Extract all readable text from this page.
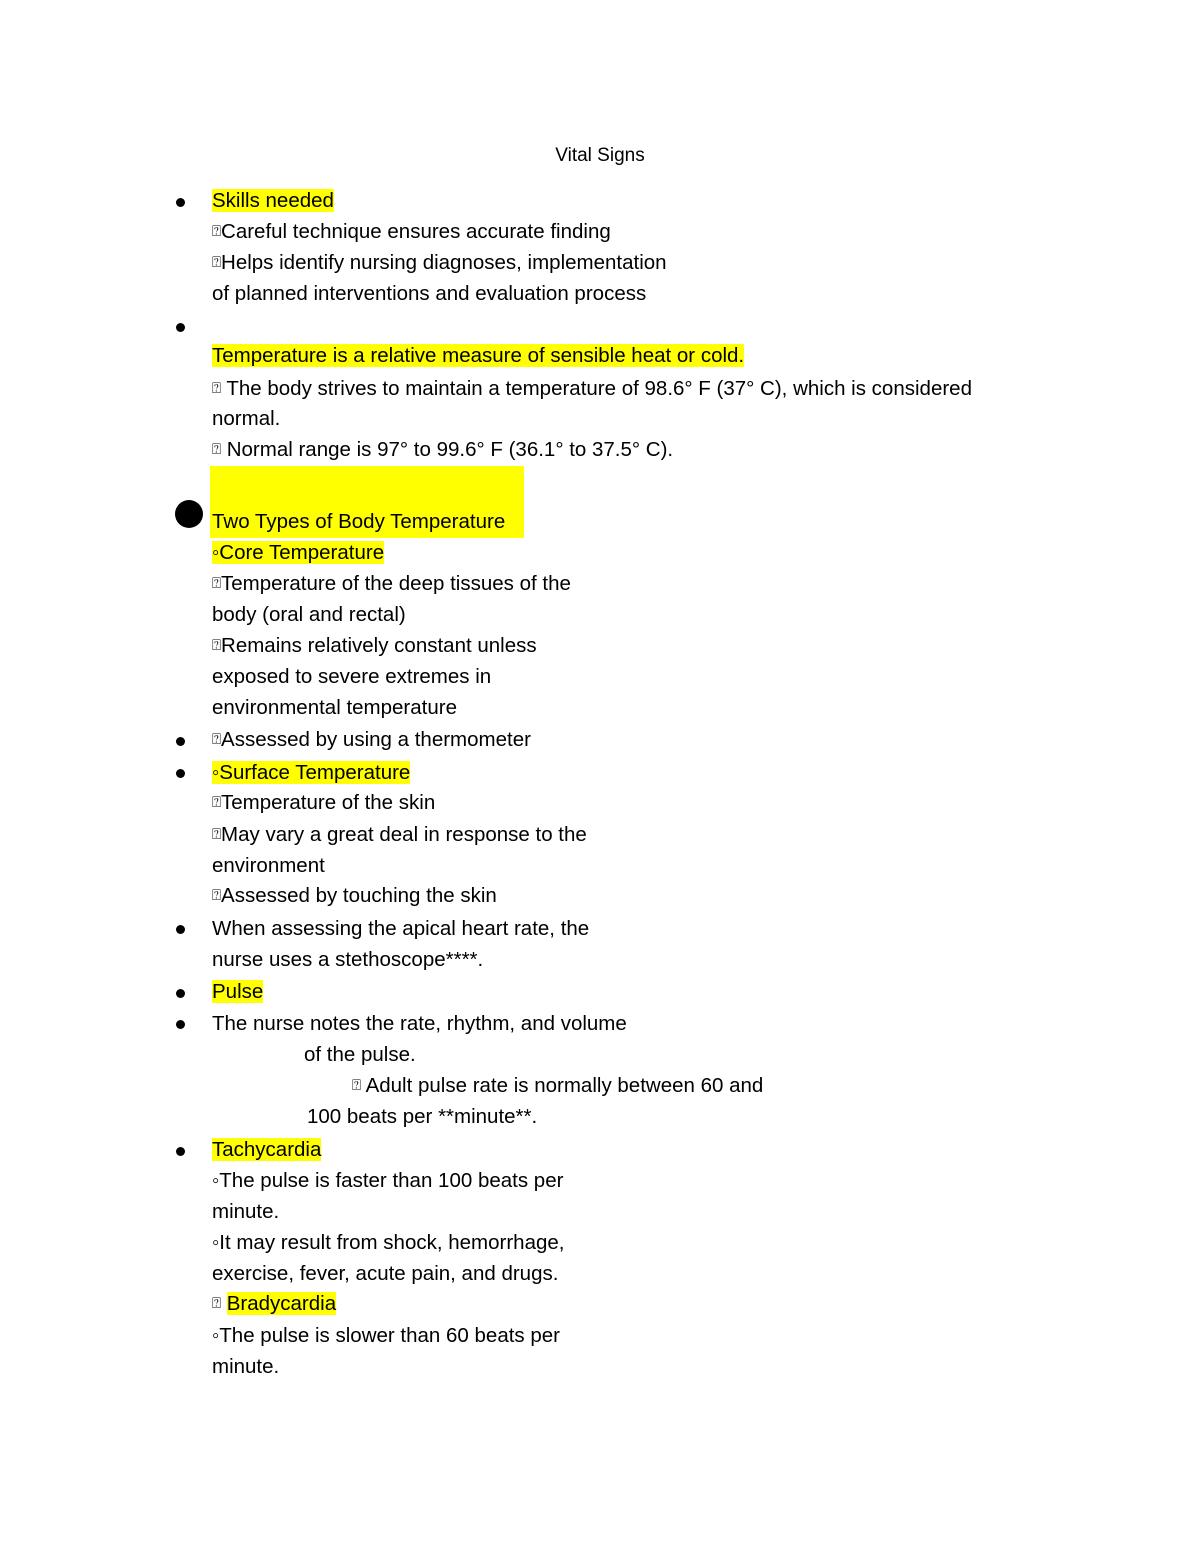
Vital Signs
Skills needed
⍰Careful technique ensures accurate finding
⍰Helps identify nursing diagnoses, implementation
of planned interventions and evaluation process
Temperature is a relative measure of sensible heat or cold.
⍰ The body strives to maintain a temperature of 98.6° F (37° C), which is considered
normal.
⍰ Normal range is 97° to 99.6° F (36.1° to 37.5° C).
Two Types of Body Temperature
◦Core Temperature
⍰Temperature of the deep tissues of the
body (oral and rectal)
⍰Remains relatively constant unless
exposed to severe extremes in
environmental temperature
⍰Assessed by using a thermometer
◦Surface Temperature
⍰Temperature of the skin
⍰May vary a great deal in response to the
environment
⍰Assessed by touching the skin
When assessing the apical heart rate, the
nurse uses a stethoscope****.
Pulse
The nurse notes the rate, rhythm, and volume
of the pulse.
⍰ Adult pulse rate is normally between 60 and
100 beats per **minute**.
Tachycardia
◦The pulse is faster than 100 beats per
minute.
◦It may result from shock, hemorrhage,
exercise, fever, acute pain, and drugs.
⍰ Bradycardia
◦The pulse is slower than 60 beats per
minute.
